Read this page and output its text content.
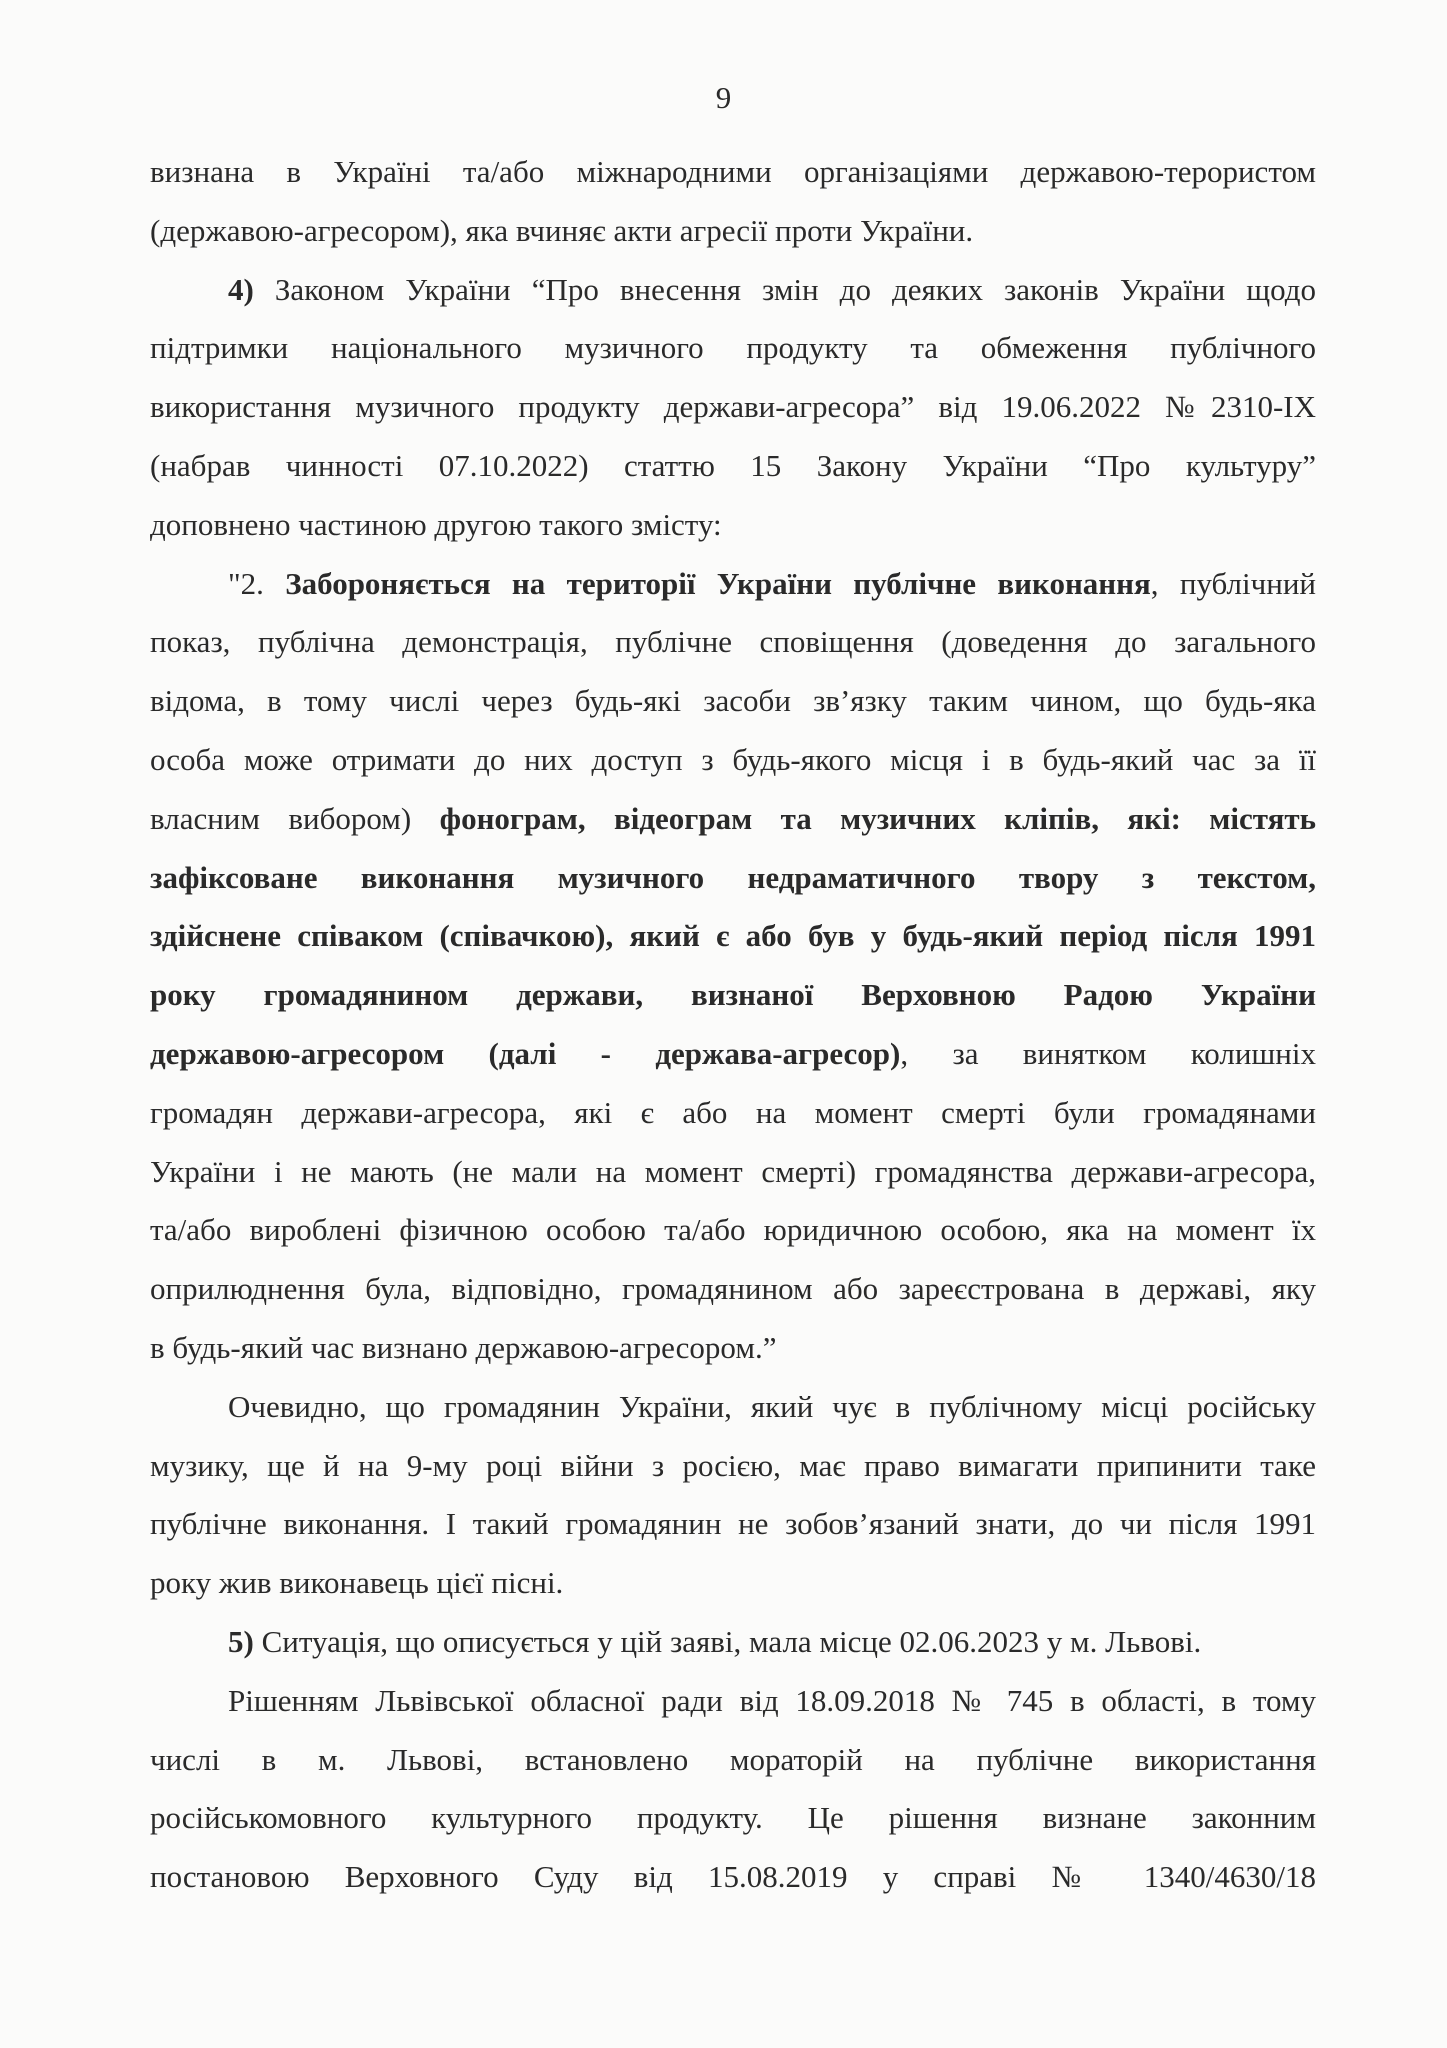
9
визнана в Україні та/або міжнародними організаціями державою-терористом
(державою-агресором), яка вчиняє акти агресії проти України.
4) Законом України “Про внесення змін до деяких законів України щодо
підтримки національного музичного продукту та обмеження публічного
використання музичного продукту держави-агресора” від 19.06.2022 №2310-IX
(набрав чинності 07.10.2022) статтю 15 Закону України “Про культуру”
доповнено частиною другою такого змісту:
"2. Забороняється на території України публічне виконання, публічний
показ, публічна демонстрація, публічне сповіщення (доведення до загального
відома, в тому числі через будь-які засоби зв’язку таким чином, що будь-яка
особа може отримати до них доступ з будь-якого місця і в будь-який час за її
власним вибором) фонограм, відеограм та музичних кліпів, які: містять
зафіксоване виконання музичного недраматичного твору з текстом,
здійснене співаком (співачкою), який є або був у будь-який період після 1991
року громадянином держави, визнаної Верховною Радою України
державою-агресором (далі - держава-агресор), за винятком колишніх
громадян держави-агресора, які є або на момент смерті були громадянами
України і не мають (не мали на момент смерті) громадянства держави-агресора,
та/або вироблені фізичною особою та/або юридичною особою, яка на момент їх
оприлюднення була, відповідно, громадянином або зареєстрована в державі, яку
в будь-який час визнано державою-агресором.”
Очевидно, що громадянин України, який чує в публічному місці російську
музику, ще й на 9-му році війни з росією, має право вимагати припинити таке
публічне виконання. І такий громадянин не зобов’язаний знати, до чи після 1991
року жив виконавець цієї пісні.
5) Ситуація, що описується у цій заяві, мала місце 02.06.2023 у м. Львові.
Рішенням Львівської обласної ради від 18.09.2018 № 745 в області, в тому
числі в м. Львові, встановлено мораторій на публічне використання
російськомовного культурного продукту. Це рішення визнане законним
постановою Верховного Суду від 15.08.2019 у справі № 1340/4630/18
